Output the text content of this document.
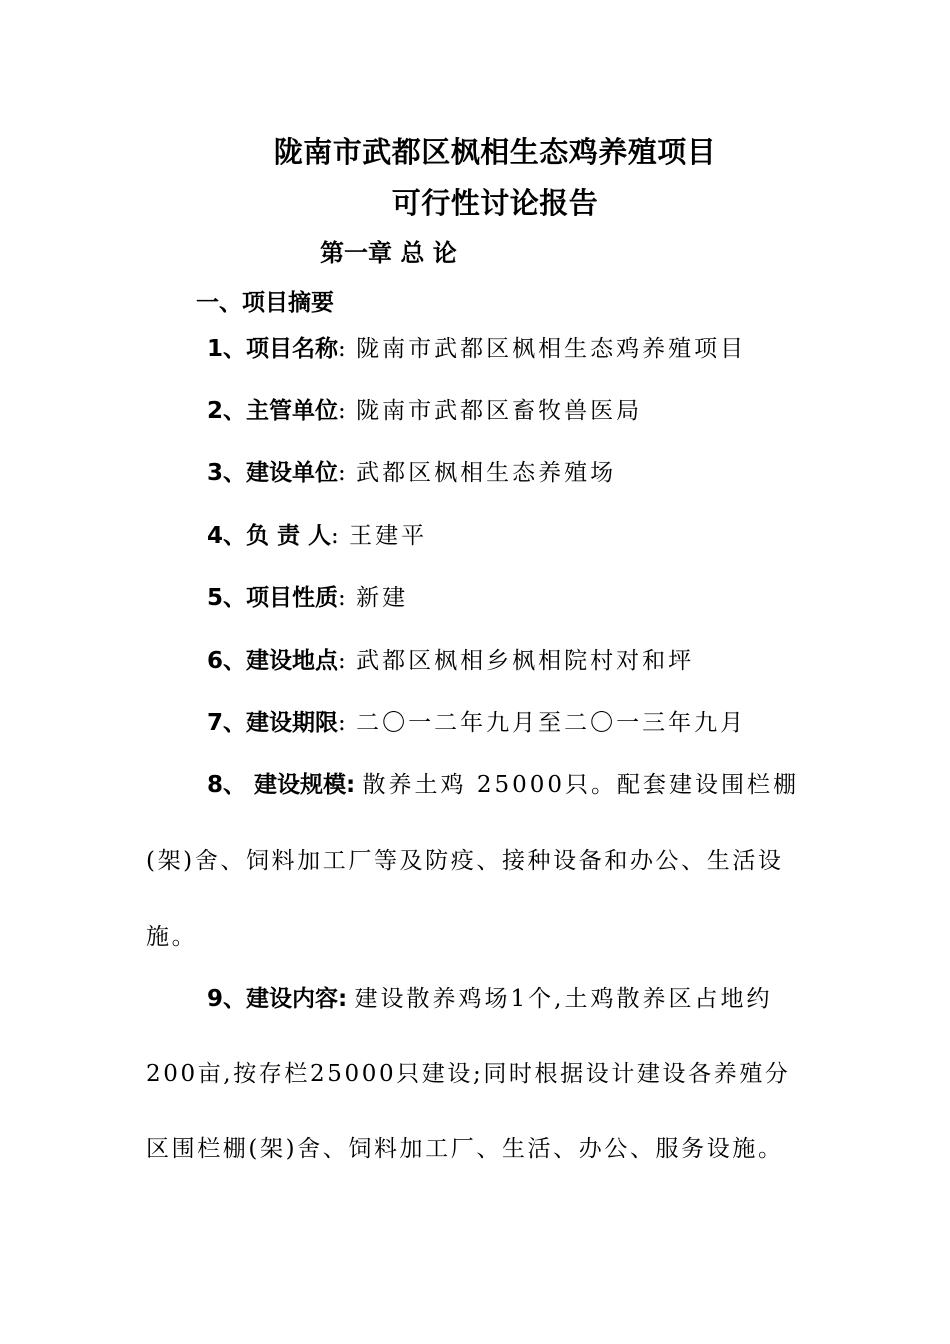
陇南市武都区枫相生态鸡养殖项目
可行性讨论报告
第一章 总 论
一、项目摘要
1、项目名称: 陇南市武都区枫相生态鸡养殖项目
2、主管单位: 陇南市武都区畜牧兽医局
3、建设单位: 武都区枫相生态养殖场
4、负 责 人: 王建平
5、项目性质: 新建
6、建设地点: 武都区枫相乡枫相院村对和坪
7、建设期限: 二〇一二年九月至二〇一三年九月
8、 建设规模: 散养土鸡 25000只。配套建设围栏棚
(架)舍、饲料加工厂等及防疫、接种设备和办公、生活设
施。
9、建设内容: 建设散养鸡场1个,土鸡散养区占地约
200亩,按存栏25000只建设;同时根据设计建设各养殖分
区围栏棚(架)舍、饲料加工厂、生活、办公、服务设施。
